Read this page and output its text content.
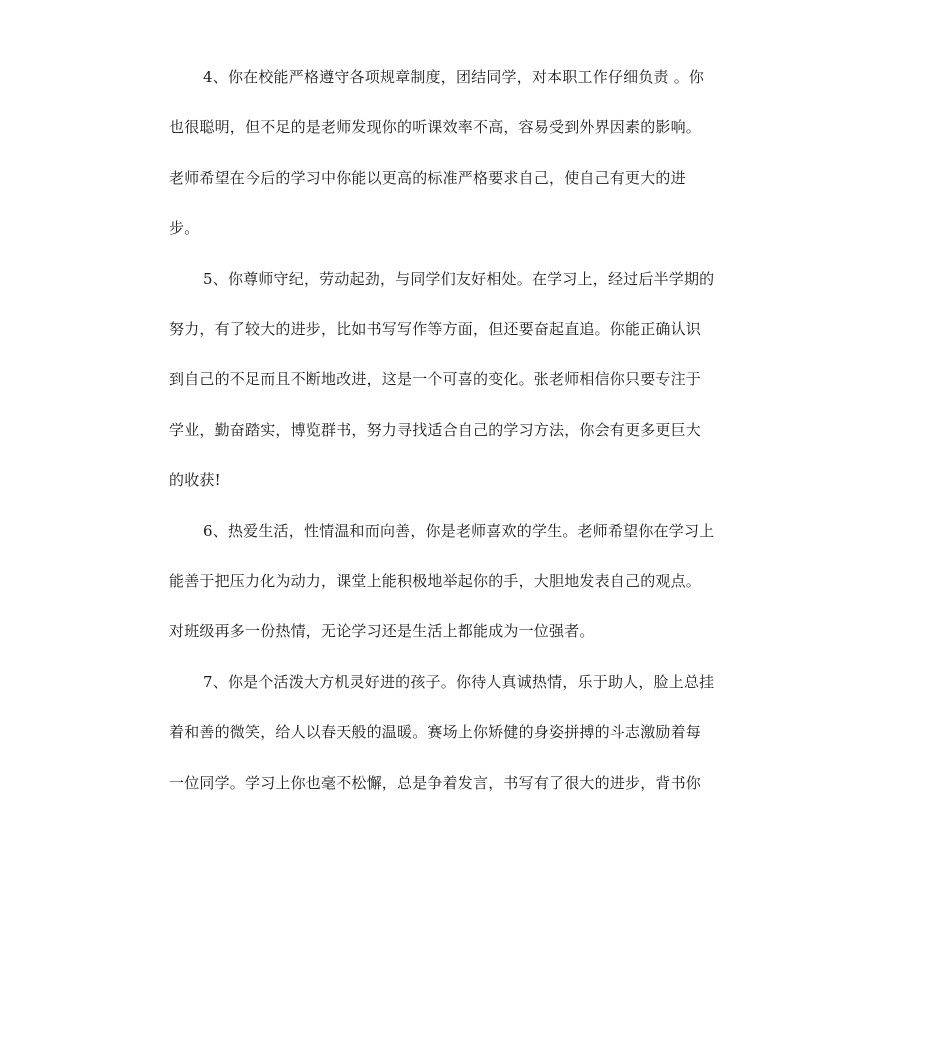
4、你在校能严格遵守各项规章制度，团结同学，对本职工作仔细负责 。你
也很聪明，但不足的是老师发现你的听课效率不高，容易受到外界因素的影响。
老师希望在今后的学习中你能以更高的标准严格要求自己，使自己有更大的进
步。
5、你尊师守纪，劳动起劲，与同学们友好相处。在学习上，经过后半学期的
努力，有了较大的进步，比如书写写作等方面，但还要奋起直追。你能正确认识
到自己的不足而且不断地改进，这是一个可喜的变化。张老师相信你只要专注于
学业，勤奋踏实，博览群书，努力寻找适合自己的学习方法，你会有更多更巨大
的收获!
6、热爱生活，性情温和而向善，你是老师喜欢的学生。老师希望你在学习上
能善于把压力化为动力，课堂上能积极地举起你的手，大胆地发表自己的观点。
对班级再多一份热情，无论学习还是生活上都能成为一位强者。
7、你是个活泼大方机灵好进的孩子。你待人真诚热情，乐于助人，脸上总挂
着和善的微笑，给人以春天般的温暖。赛场上你矫健的身姿拼搏的斗志激励着每
一位同学。学习上你也毫不松懈，总是争着发言，书写有了很大的进步，背书你
